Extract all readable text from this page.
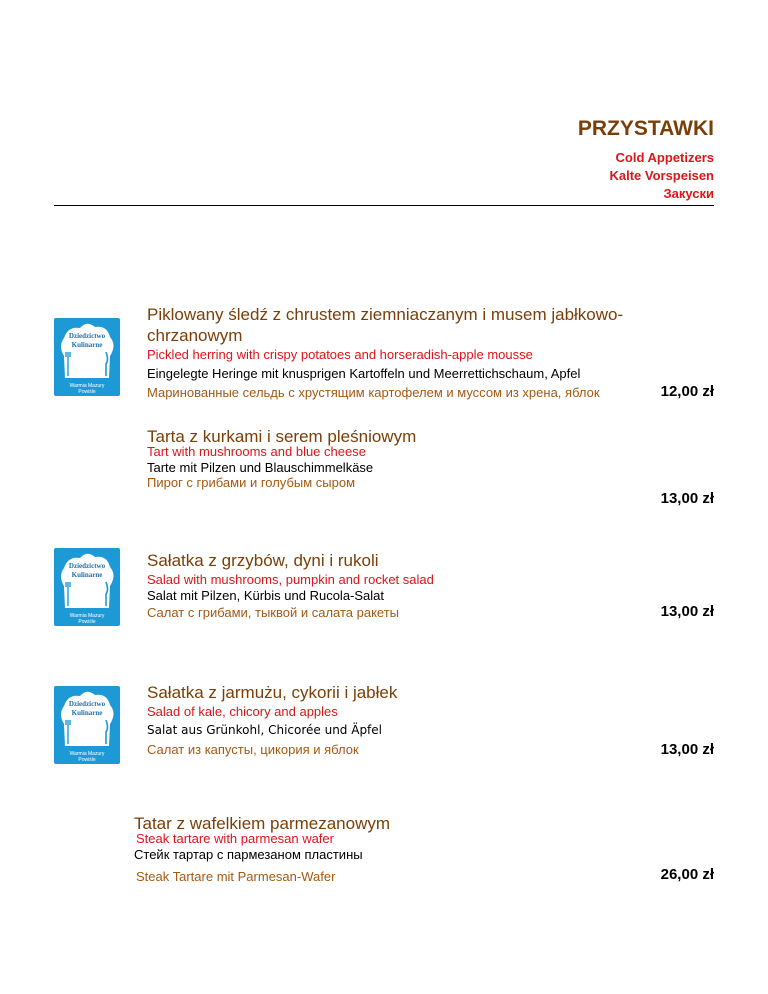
PRZYSTAWKI
Cold Appetizers
Kalte Vorspeisen
Закуски
Dziedzictwo
Kulinarne
Warmia Mazury
Powiśle
Piklowany śledź z chrustem ziemniaczanym i musem jabłkowo-
chrzanowym
Pickled herring with crispy potatoes and horseradish-apple mousse
Eingelegte Heringe mit knusprigen Kartoffeln und Meerrettichschaum, Apfel
Маринованные сельдь с хрустящим картофелем и муссом из хрена, яблок	12,00 zł
Tarta z kurkami i serem pleśniowym
Tart with mushrooms and blue cheese
Tarte mit Pilzen und Blauschimmelkäse
Пирог с грибами и голубым сыром
13,00 zł
Dziedzictwo
Kulinarne
Warmia Mazury
Powiśle
Sałatka z grzybów, dyni i rukoli
Salad with mushrooms, pumpkin and rocket salad
Salat mit Pilzen, Kürbis und Rucola-Salat
Салат с грибами, тыквой и салата ракеты	13,00 zł
Dziedzictwo
Kulinarne
Warmia Mazury
Powiśle
Sałatka z jarmużu, cykorii i jabłek
Salad of kale, chicory and apples
Salat aus Grünkohl, Chicorée und Äpfel
Салат из капусты, цикория и яблок	13,00 zł
Tatar z wafelkiem parmezanowym
Steak tartare with parmesan wafer
Стейк тартар с пармезаном пластины
Steak Tartare mit Parmesan-Wafer	26,00 zł
